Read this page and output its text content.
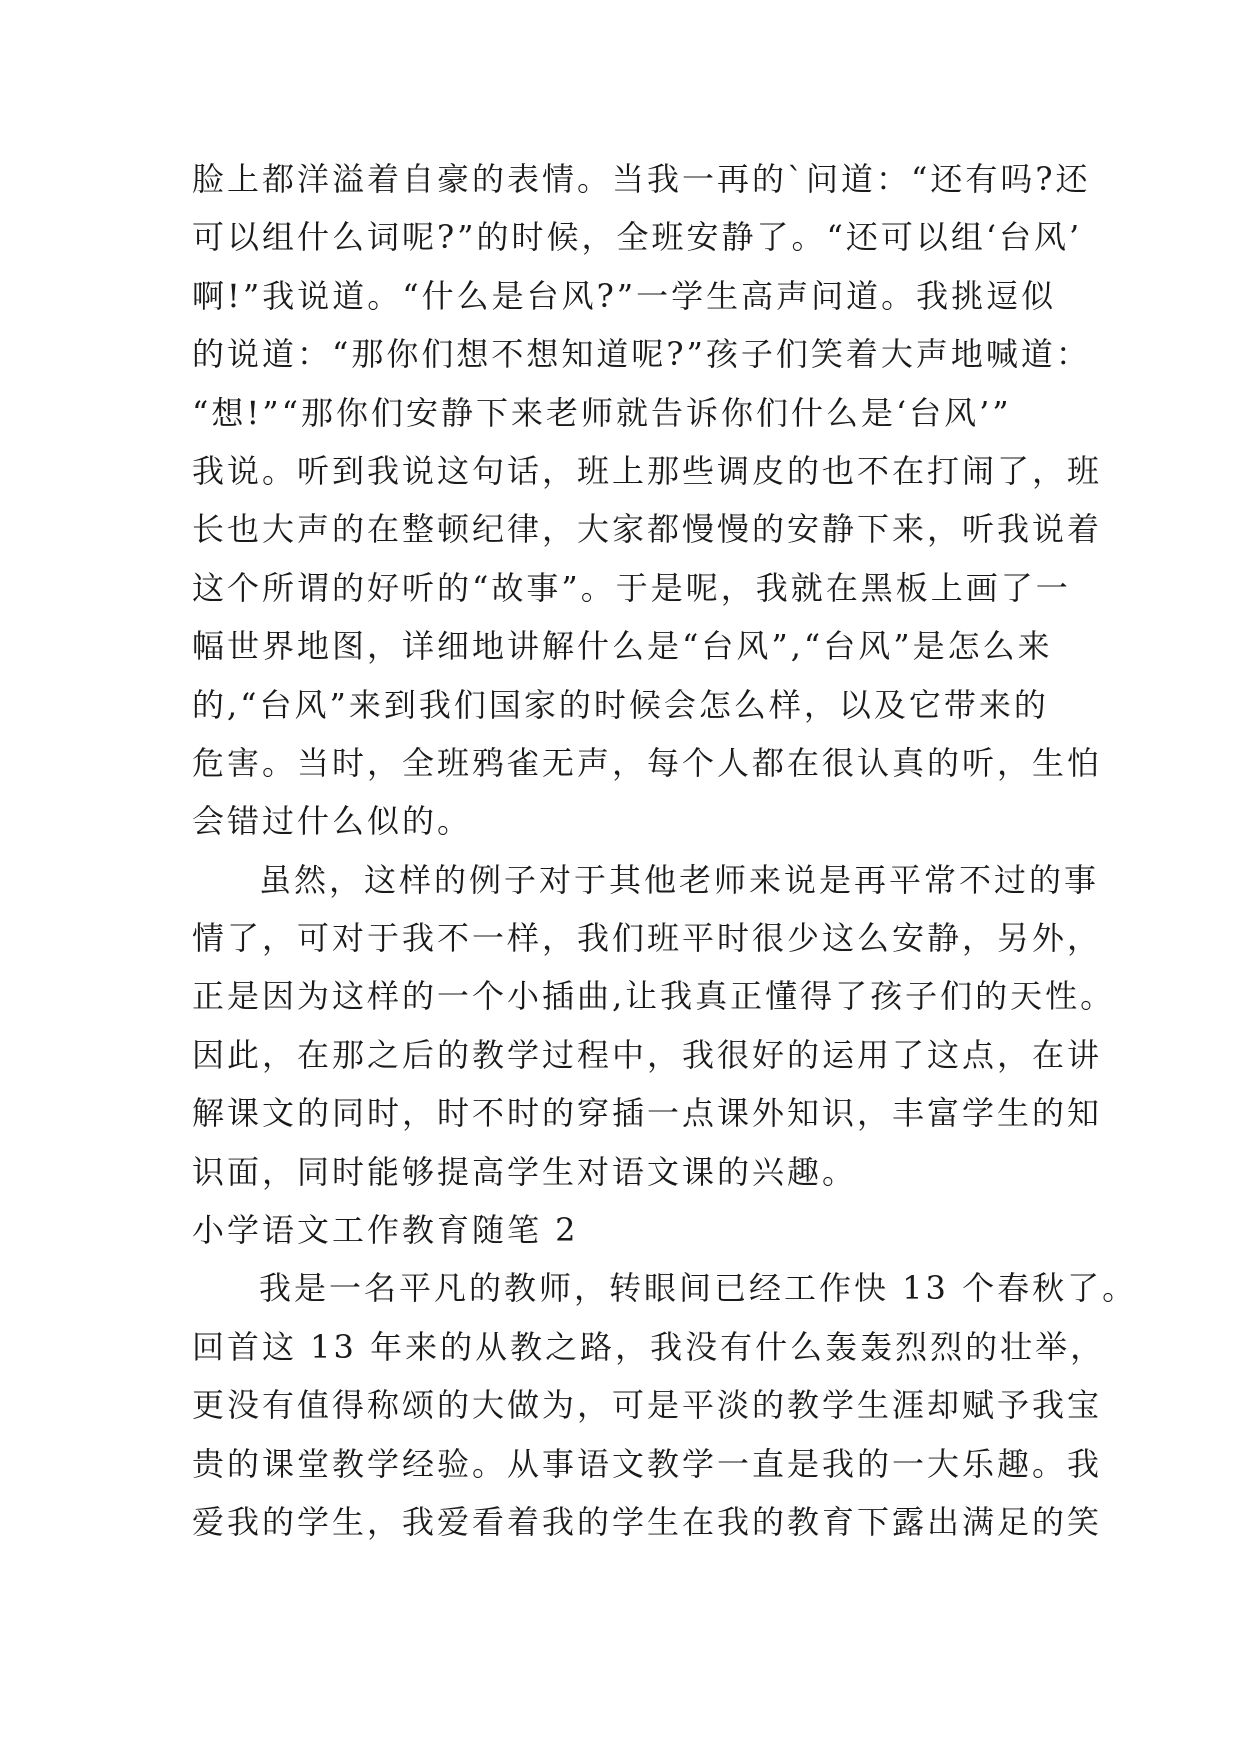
脸上都洋溢着自豪的表情。当我一再的`问道：“还有吗?还
可以组什么词呢?”的时候，全班安静了。“还可以组‘台风’
啊!”我说道。“什么是台风?”一学生高声问道。我挑逗似
的说道：“那你们想不想知道呢?”孩子们笑着大声地喊道：
“想!”“那你们安静下来老师就告诉你们什么是‘台风’”
我说。听到我说这句话，班上那些调皮的也不在打闹了，班
长也大声的在整顿纪律，大家都慢慢的安静下来，听我说着
这个所谓的好听的“故事”。于是呢，我就在黑板上画了一
幅世界地图，详细地讲解什么是“台风”,“台风”是怎么来
的,“台风”来到我们国家的时候会怎么样，以及它带来的
危害。当时，全班鸦雀无声，每个人都在很认真的听，生怕
会错过什么似的。
虽然，这样的例子对于其他老师来说是再平常不过的事
情了，可对于我不一样，我们班平时很少这么安静，另外，
正是因为这样的一个小插曲,让我真正懂得了孩子们的天性。
因此，在那之后的教学过程中，我很好的运用了这点，在讲
解课文的同时，时不时的穿插一点课外知识，丰富学生的知
识面，同时能够提高学生对语文课的兴趣。
小学语文工作教育随笔 2
我是一名平凡的教师，转眼间已经工作快 13 个春秋了。
回首这 13 年来的从教之路，我没有什么轰轰烈烈的壮举，
更没有值得称颂的大做为，可是平淡的教学生涯却赋予我宝
贵的课堂教学经验。从事语文教学一直是我的一大乐趣。我
爱我的学生，我爱看着我的学生在我的教育下露出满足的笑
